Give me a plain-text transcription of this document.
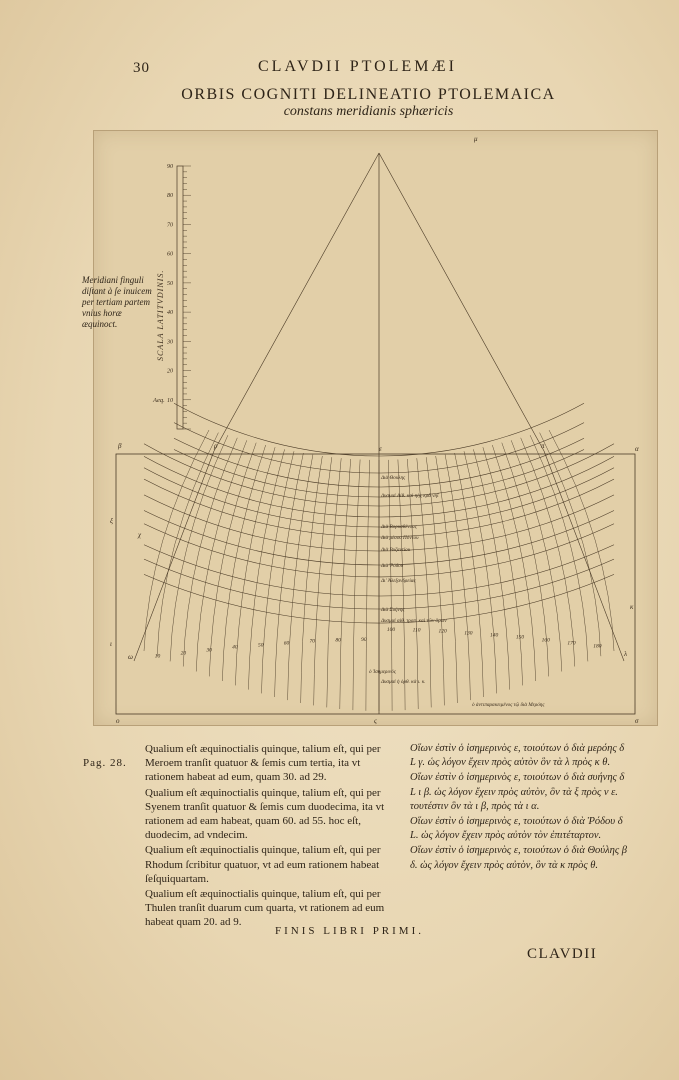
30	CLAVDII PTOLEMÆI
ORBIS COGNITI DELINEATIO PTOLEMAICA
constans meridianis sphæricis
β	ρ	ε	π	α
ξ
χ
ι
ω
ο	ς	σ
λ
κ
μ
Διὰ Θουλης
Δυσμαὶ Αἰθ. καὶ ηὴς κρᾶ νηΐ
Διὰ Βορυσθένους
Διὰ μέσου Πόντου
Διὰ Βυζαντίου
Διὰ Ῥόδου
Δι' Ἀλεξανδρείας
Διὰ Συήνης
Δυσμαὶ αἰθ. τροπ. καὶ τῶν ὅρων
ὁ Ἰσημερινός
Δυσμαὶ ἡ ὀρθ. κὰ ι. κ.
ὁ ἀντιπαρακειμένος τῷ διὰ Μερόης
10
20
30	40	50	60	70	80	90
100	110	120	130	140	150	160
170
180
90
80
70
60
50
40
30
20
10
Aeq.
SCALA LATITVDINIS.
Meridiani finguli diſtant à ſe inuicem per tertiam partem vnius horæ æquinoct.
Pag. 28.

Qualium eſt æquinoctialis quinque, talium eſt, qui per Meroem tranſit quatuor & ſemis cum tertia, ita vt rationem habeat ad eum, quam 30. ad 29.

Qualium eſt æquinoctialis quinque, talium eſt, qui per Syenem tranſit quatuor & ſemis cum duodecima, ita vt rationem ad eam habeat, quam 60. ad 55. hoc eſt, duodecim, ad vndecim.

Qualium eſt æquinoctialis quinque, talium eſt, qui per Rhodum ſcribitur quatuor, vt ad eum rationem habeat ſeſquiquartam.

Qualium eſt æquinoctialis quinque, talium eſt, qui per Thulen tranſit duarum cum quarta, vt rationem ad eum habeat quam 20. ad 9.

Οἵων ἐστὶν ὁ ἰσημερινὸς ε, τοιούτων ὁ διὰ μερόης δ L γ. ὡς λόγον ἔχειν πρὸς αὐτὸν ὃν τὰ λ πρὸς κ θ.

Οἵων ἐστὶν ὁ ἰσημερινὸς ε, τοιούτων ὁ διὰ συήνης δ L ι β. ὡς λόγον ἔχειν πρὸς αὐτὸν, ὃν τὰ ξ πρὸς ν ε. τουτέστιν ὃν τὰ ι β, πρὸς τὰ ι α.

Οἵων ἐστὶν ὁ ἰσημερινὸς ε, τοιούτων ὁ διὰ Ῥόδου δ L. ὡς λόγον ἔχειν πρὸς αὐτὸν τὸν ἐπιτέταρτον.

Οἵων ἐστὶν ὁ ἰσημερινὸς ε, τοιούτων ὁ διὰ Θούλης β δ. ὡς λόγον ἔχειν πρὸς αὐτὸν, ὃν τὰ κ πρὸς θ.

FINIS LIBRI PRIMI.
CLAVDII
